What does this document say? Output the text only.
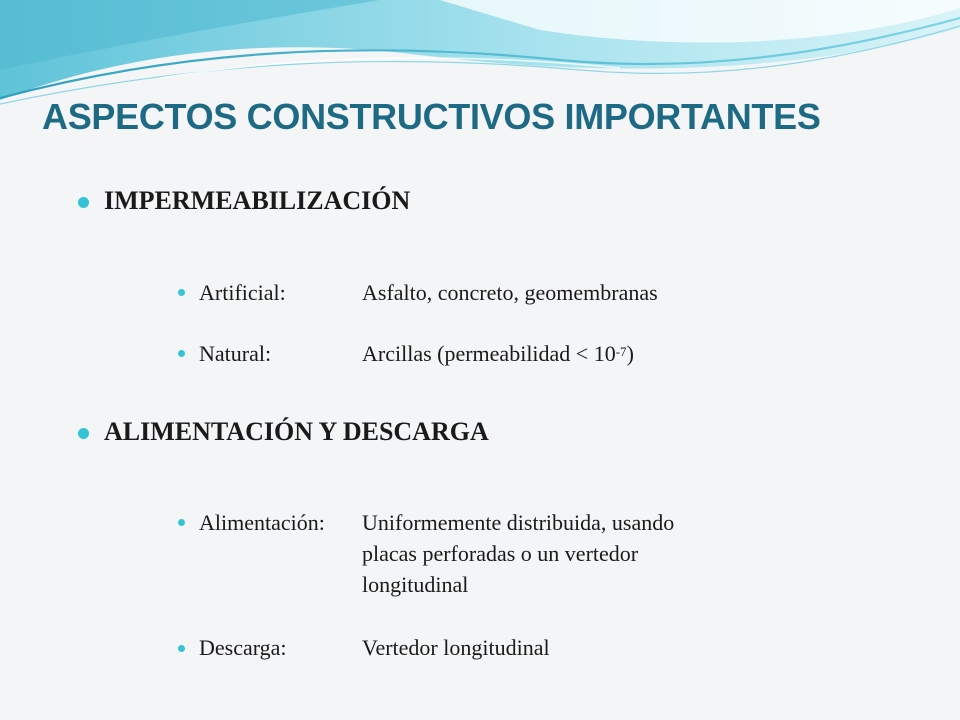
ASPECTOS CONSTRUCTIVOS IMPORTANTES
IMPERMEABILIZACIÓN
Artificial:	Asfalto, concreto, geomembranas
Natural:	Arcillas (permeabilidad < $10^{-7}$)
ALIMENTACIÓN Y DESCARGA
Alimentación: Uniformemente distribuida, usando
placas perforadas o un vertedor
longitudinal
Descarga:	Vertedor longitudinal
